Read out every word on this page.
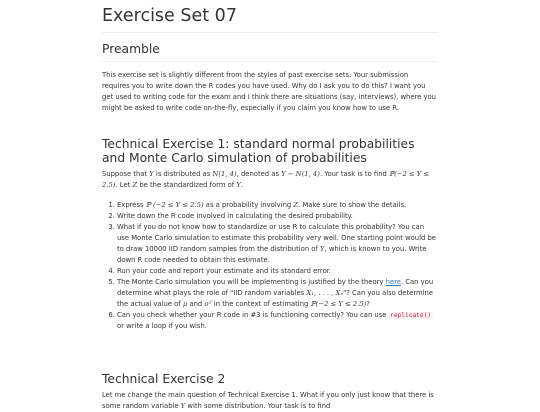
Exercise Set 07
Preamble

This exercise set is slightly different from the styles of past exercise sets. Your submission requires you to write down the R codes you have used. Why do I ask you to do this? I want you get used to writing code for the exam and I think there are situations (say, interviews), where you might be asked to write code on-the-fly, especially if you claim you know how to use R.

Technical Exercise 1: standard normal probabilities and Monte Carlo simulation of probabilities

Suppose that Y is distributed as N(1, 4), denoted as Y ∼ N(1, 4). Your task is to find ℙ(−2 ≤ Y ≤ 2.5). Let Z be the standardized form of Y.

1. Express ℙ (−2 ≤ Y ≤ 2.5) as a probability involving Z. Make sure to show the details.
2. Write down the R code involved in calculating the desired probability.
3. What if you do not know how to standardize or use R to calculate this probability? You can use Monte Carlo simulation to estimate this probability very well. One starting point would be to draw 10000 IID random samples from the distribution of Y, which is known to you. Write down R code needed to obtain this estimate.
4. Run your code and report your estimate and its standard error.
5. The Monte Carlo simulation you will be implementing is justified by the theory here. Can you determine what plays the role of "IID random variables X₁, . . . , Xₙ"? Can you also determine the actual value of μ and σ² in the context of estimating ℙ(−2 ≤ Y ≤ 2.5)?
6. Can you check whether your R code in #3 is functioning correctly? You can use replicate() or write a loop if you wish.
Technical Exercise 2

Let me change the main question of Technical Exercise 1. What if you only just know that there is some random variable Y with some distribution. Your task is to find
